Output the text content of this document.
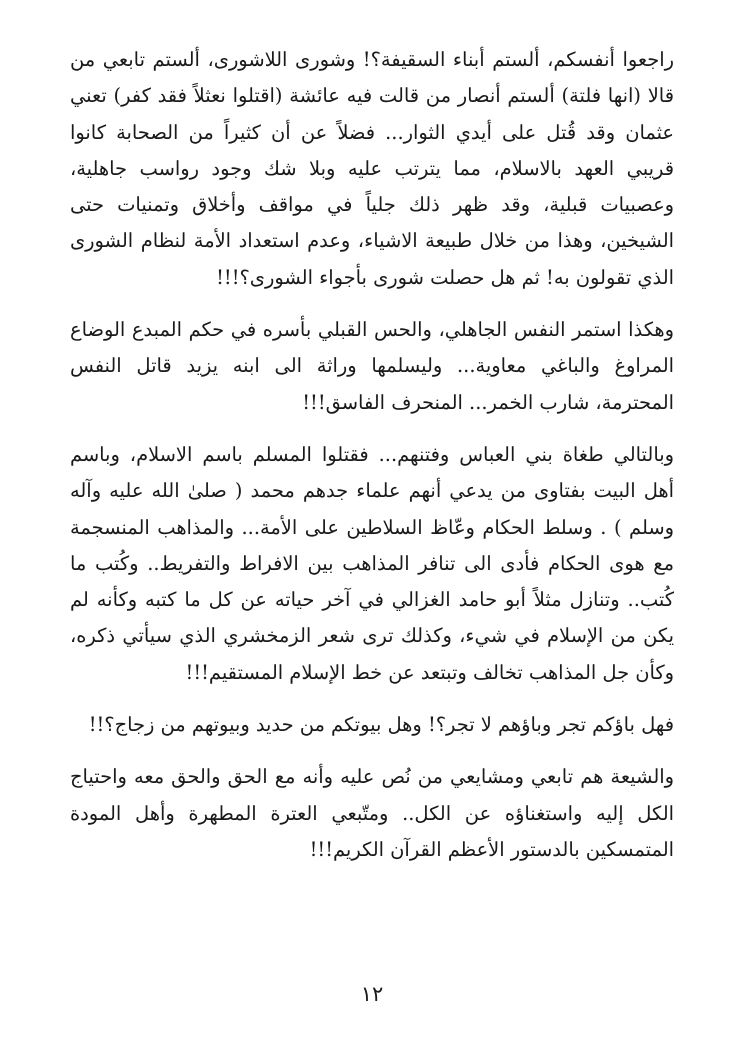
راجعوا أنفسكم، ألستم أبناء السقيفة؟! وشورى اللاشورى، ألستم تابعي من قالا (انها فلتة) ألستم أنصار من قالت فيه عائشة (اقتلوا نعثلاً فقد كفر) تعني عثمان وقد قُتل على أيدي الثوار... فضلاً عن أن كثيراً من الصحابة كانوا قريبي العهد بالاسلام، مما يترتب عليه وبلا شك وجود رواسب جاهلية، وعصبيات قبلية، وقد ظهر ذلك جلياً في مواقف وأخلاق وتمنيات حتى الشيخين، وهذا من خلال طبيعة الاشياء، وعدم استعداد الأمة لنظام الشورى الذي تقولون به! ثم هل حصلت شورى بأجواء الشورى؟!!!

وهكذا استمر النفس الجاهلي، والحس القبلي بأسره في حكم المبدع الوضاع المراوغ والباغي معاوية... وليسلمها وراثة الى ابنه يزيد قاتل النفس المحترمة، شارب الخمر... المنحرف الفاسق!!!

وبالتالي طغاة بني العباس وفتنهم... فقتلوا المسلم باسم الاسلام، وباسم أهل البيت بفتاوى من يدعي أنهم علماء جدهم محمد ( صلىٰ الله عليه وآله وسلم ) . وسلط الحكام وعّاظ السلاطين على الأمة... والمذاهب المنسجمة مع هوى الحكام فأدى الى تنافر المذاهب بين الافراط والتفريط.. وكُتب ما كُتب.. وتنازل مثلاً أبو حامد الغزالي في آخر حياته عن كل ما كتبه وكأنه لم يكن من الإسلام في شيء، وكذلك ترى شعر الزمخشري الذي سيأتي ذكره، وكأن جل المذاهب تخالف وتبتعد عن خط الإسلام المستقيم!!!

فهل باؤكم تجر وباؤهم لا تجر؟! وهل بيوتكم من حديد وبيوتهم من زجاج؟!!

والشيعة هم تابعي ومشايعي من نُص عليه وأنه مع الحق والحق معه واحتياج الكل إليه واستغناؤه عن الكل.. ومتّبعي العترة المطهرة وأهل المودة المتمسكين بالدستور الأعظم القرآن الكريم!!!

١٢
